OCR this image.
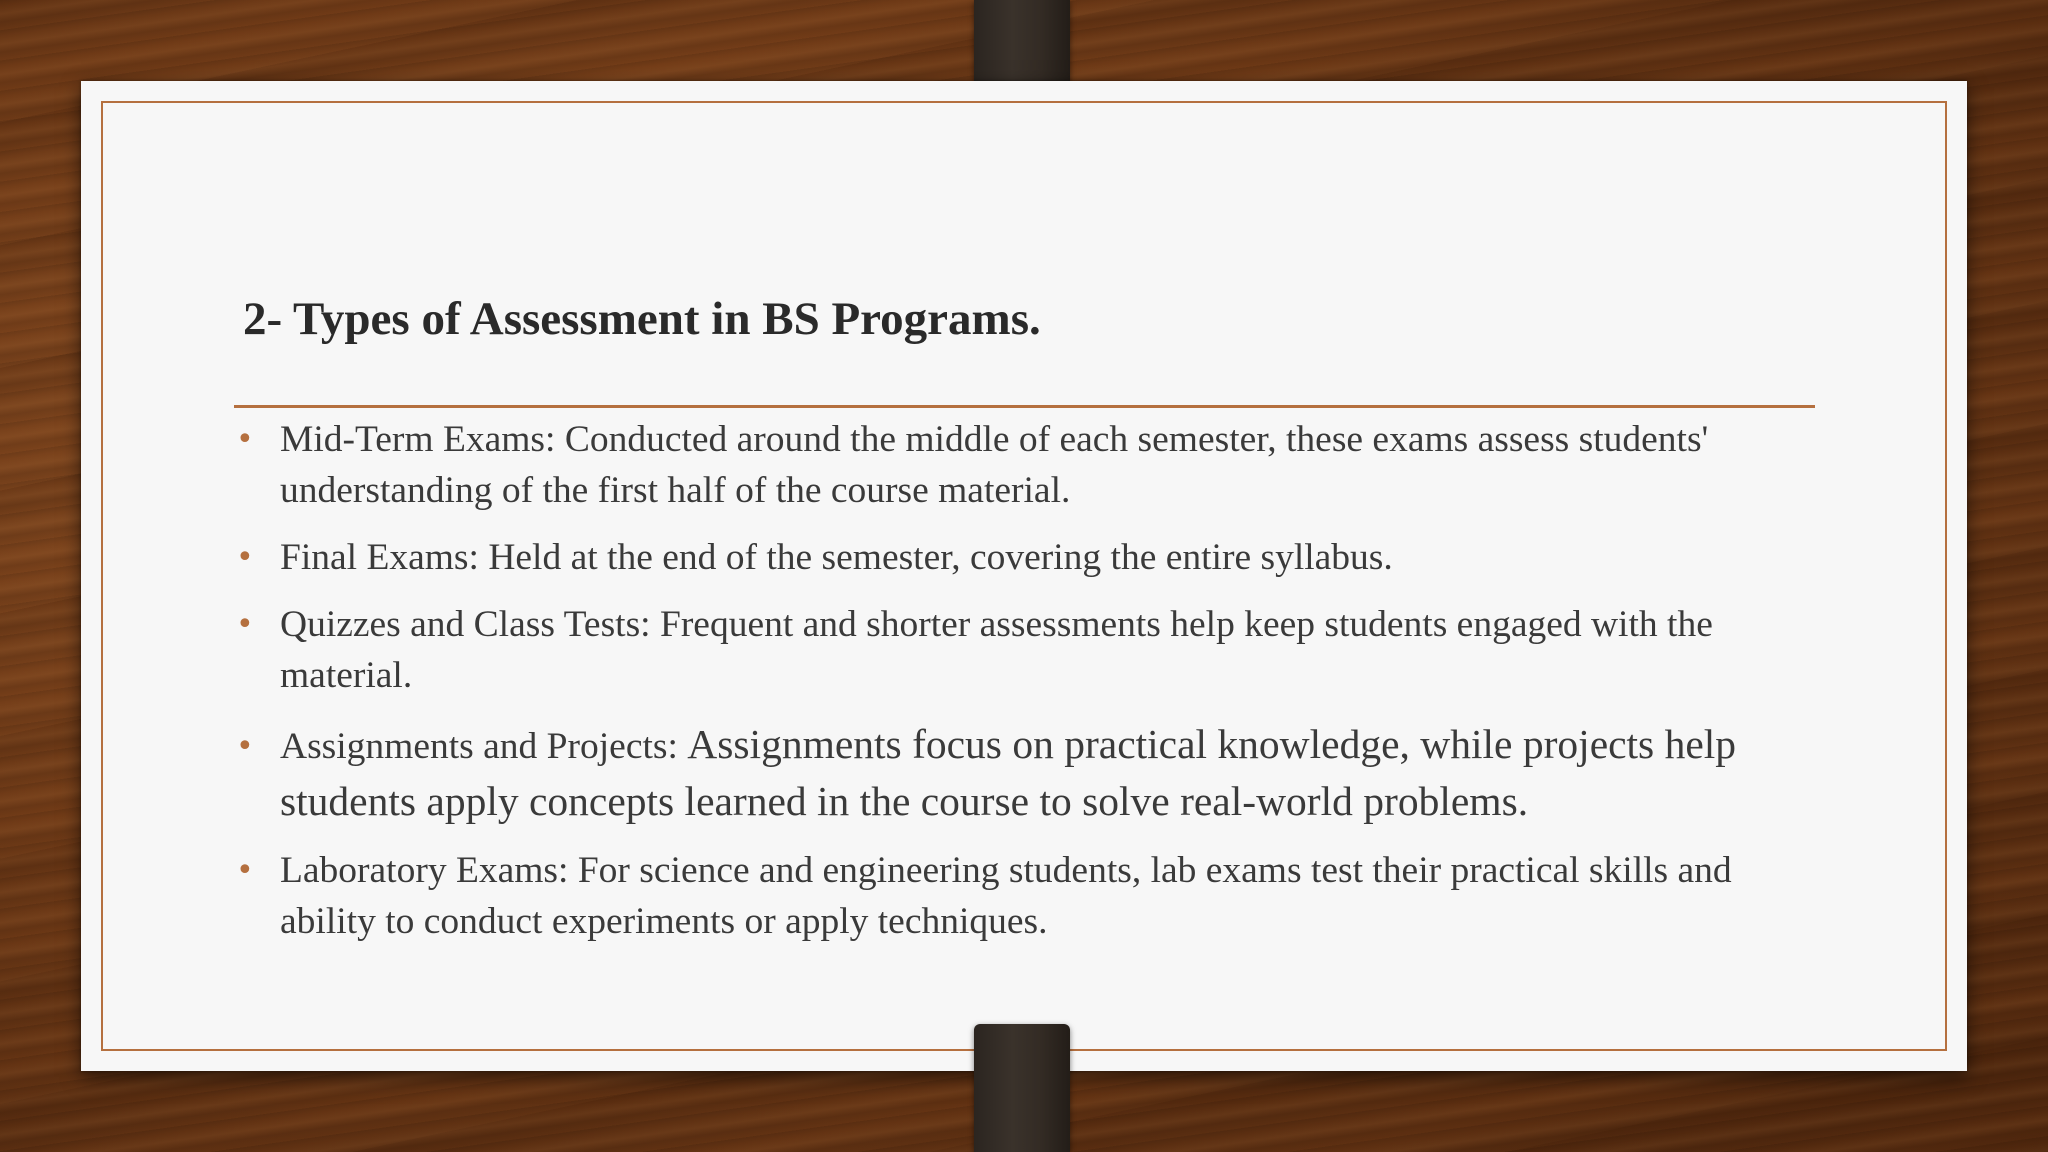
2- Types of Assessment in BS Programs.
• Mid-Term Exams: Conducted around the middle of each semester, these exams assess students' understanding of the first half of the course material.
• Final Exams: Held at the end of the semester, covering the entire syllabus.
• Quizzes and Class Tests: Frequent and shorter assessments help keep students engaged with the material.
• Assignments and Projects: Assignments focus on practical knowledge, while projects help students apply concepts learned in the course to solve real-world problems.
• Laboratory Exams: For science and engineering students, lab exams test their practical skills and ability to conduct experiments or apply techniques.
